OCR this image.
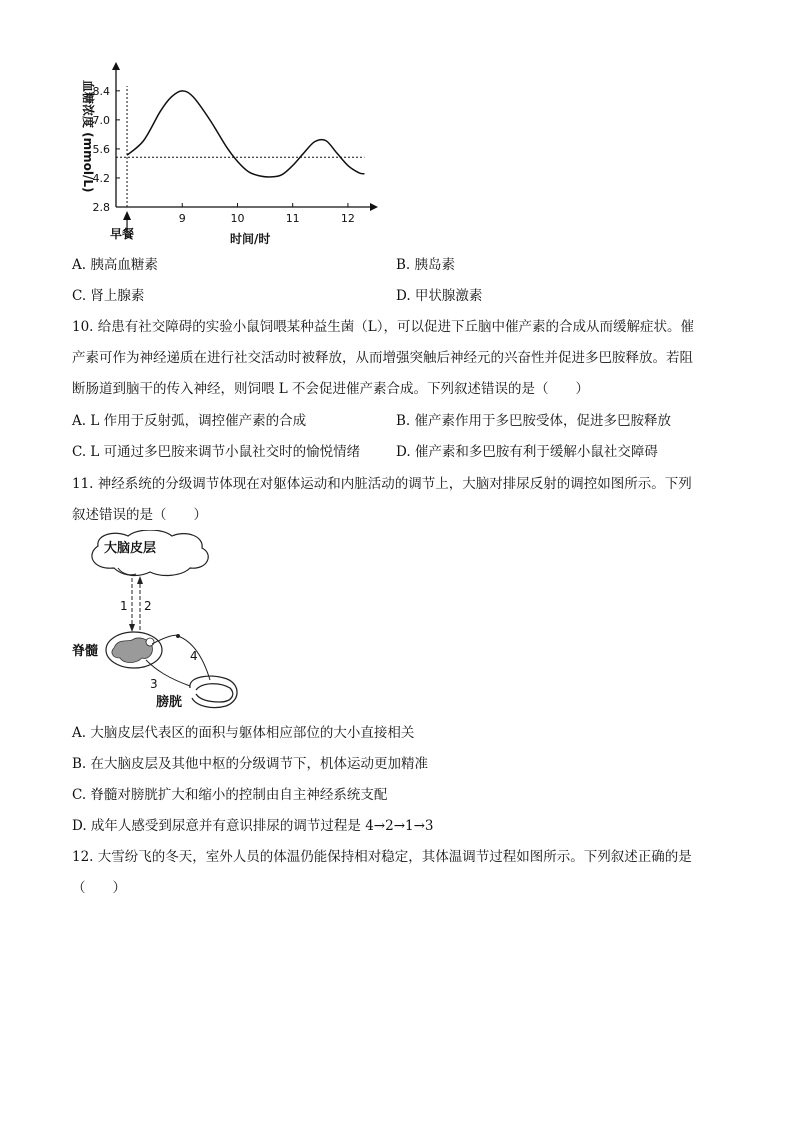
8.4
7.0
5.6
4.2
2.8
9	10	11	12
血糖浓度 (mmol/L)
时间/时
早餐
A. 胰高血糖素	B. 胰岛素
C. 肾上腺素	D. 甲状腺激素
10. 给患有社交障碍的实验小鼠饲喂某种益生菌（L），可以促进下丘脑中催产素的合成从而缓解症状。催
产素可作为神经递质在进行社交活动时被释放，从而增强突触后神经元的兴奋性并促进多巴胺释放。若阻
断肠道到脑干的传入神经，则饲喂 L 不会促进催产素合成。下列叙述错误的是（　　）
A. L 作用于反射弧，调控催产素的合成	B. 催产素作用于多巴胺受体，促进多巴胺释放
C. L 可通过多巴胺来调节小鼠社交时的愉悦情绪	D. 催产素和多巴胺有利于缓解小鼠社交障碍
11. 神经系统的分级调节体现在对躯体运动和内脏活动的调节上，大脑对排尿反射的调控如图所示。下列
叙述错误的是（　　）
大脑皮层
1 2
脊髓	4
3
膀胱
A. 大脑皮层代表区的面积与躯体相应部位的大小直接相关
B. 在大脑皮层及其他中枢的分级调节下，机体运动更加精准
C. 脊髓对膀胱扩大和缩小的控制由自主神经系统支配
D. 成年人感受到尿意并有意识排尿的调节过程是 4→2→1→3
12. 大雪纷飞的冬天，室外人员的体温仍能保持相对稳定，其体温调节过程如图所示。下列叙述正确的是
（　　）
